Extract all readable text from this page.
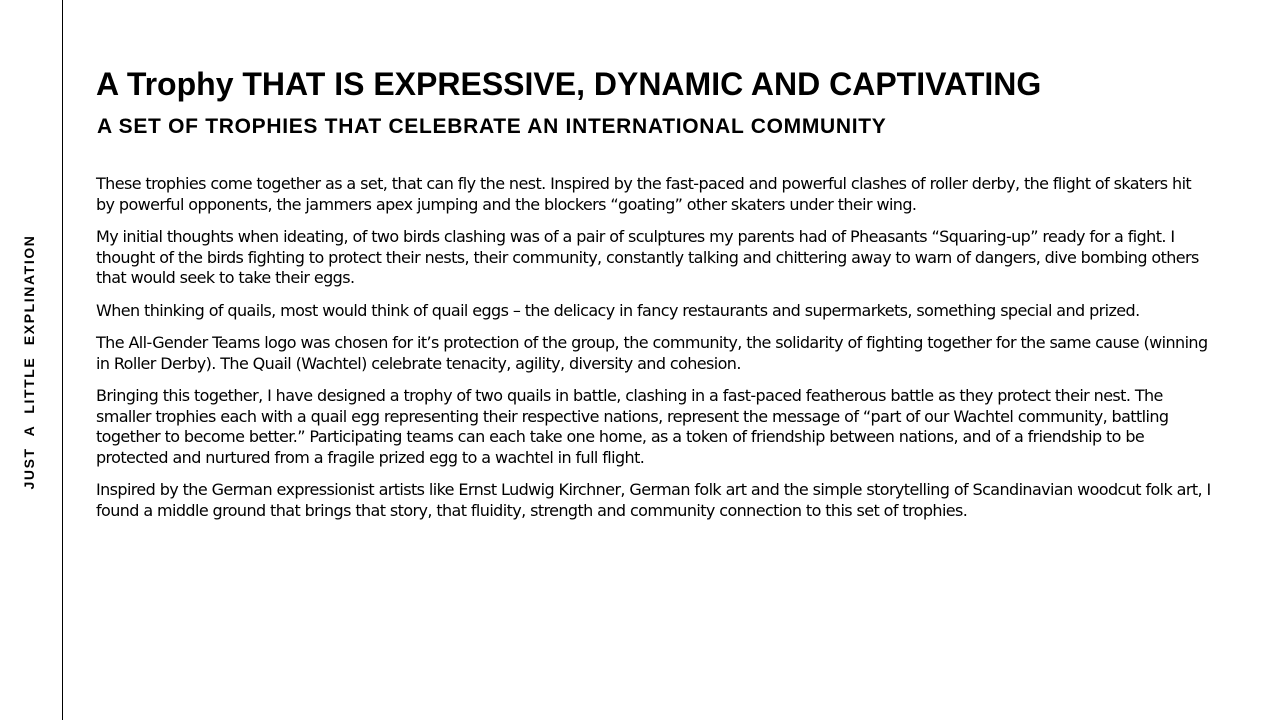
JUST A LITTLE EXPLINATION
A Trophy THAT IS EXPRESSIVE, DYNAMIC AND CAPTIVATING
A SET OF TROPHIES THAT CELEBRATE AN INTERNATIONAL COMMUNITY

These trophies come together as a set, that can fly the nest. Inspired by the fast-paced and powerful clashes of roller derby, the flight of skaters hit by powerful opponents, the jammers apex jumping and the blockers “goating” other skaters under their wing.

My initial thoughts when ideating, of two birds clashing was of a pair of sculptures my parents had of Pheasants “Squaring-up” ready for a fight. I thought of the birds fighting to protect their nests, their community, constantly talking and chittering away to warn of dangers, dive bombing others that would seek to take their eggs.

When thinking of quails, most would think of quail eggs – the delicacy in fancy restaurants and supermarkets, something special and prized.

The All-Gender Teams logo was chosen for it’s protection of the group, the community, the solidarity of fighting together for the same cause (winning in Roller Derby). The Quail (Wachtel) celebrate tenacity, agility, diversity and cohesion.

Bringing this together, I have designed a trophy of two quails in battle, clashing in a fast-paced featherous battle as they protect their nest. The smaller trophies each with a quail egg representing their respective nations, represent the message of “part of our Wachtel community, battling together to become better.” Participating teams can each take one home, as a token of friendship between nations, and of a friendship to be protected and nurtured from a fragile prized egg to a wachtel in full flight.

Inspired by the German expressionist artists like Ernst Ludwig Kirchner, German folk art and the simple storytelling of Scandinavian woodcut folk art, I found a middle ground that brings that story, that fluidity, strength and community connection to this set of trophies.
